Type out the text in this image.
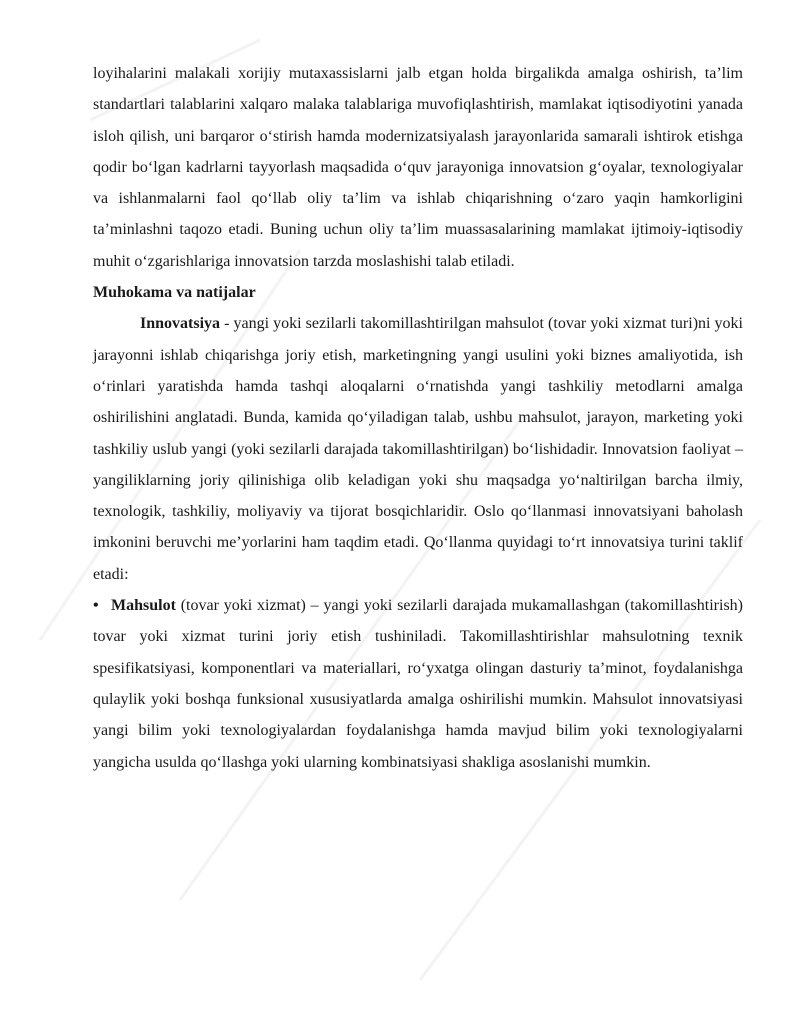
loyihalarini malakali xorijiy mutaxassislarni jalb etgan holda birgalikda amalga oshirish, ta’lim standartlari talablarini xalqaro malaka talablariga muvofiqlashtirish, mamlakat iqtisodiyotini yanada isloh qilish, uni barqaror o‘stirish hamda modernizatsiyalash jarayonlarida samarali ishtirok etishga qodir bo‘lgan kadrlarni tayyorlash maqsadida o‘quv jarayoniga innovatsion g‘oyalar, texnologiyalar va ishlanmalarni faol qo‘llab oliy ta’lim va ishlab chiqarishning o‘zaro yaqin hamkorligini ta’minlashni taqozo etadi. Buning uchun oliy ta’lim muassasalarining mamlakat ijtimoiy-iqtisodiy muhit o‘zgarishlariga innovatsion tarzda moslashishi talab etiladi.

Muhokama va natijalar

Innovatsiya - yangi yoki sezilarli takomillashtirilgan mahsulot (tovar yoki xizmat turi)ni yoki jarayonni ishlab chiqarishga joriy etish, marketingning yangi usulini yoki biznes amaliyotida, ish o‘rinlari yaratishda hamda tashqi aloqalarni o‘rnatishda yangi tashkiliy metodlarni amalga oshirilishini anglatadi. Bunda, kamida qo‘yiladigan talab, ushbu mahsulot, jarayon, marketing yoki tashkiliy uslub yangi (yoki sezilarli darajada takomillashtirilgan) bo‘lishidadir. Innovatsion faoliyat – yangiliklarning joriy qilinishiga olib keladigan yoki shu maqsadga yo‘naltirilgan barcha ilmiy, texnologik, tashkiliy, moliyaviy va tijorat bosqichlaridir. Oslo qo‘llanmasi innovatsiyani baholash imkonini beruvchi me’yorlarini ham taqdim etadi. Qo‘llanma quyidagi to‘rt innovatsiya turini taklif etadi:

• Mahsulot (tovar yoki xizmat) – yangi yoki sezilarli darajada mukamallashgan (takomillashtirish) tovar yoki xizmat turini joriy etish tushiniladi. Takomillashtirishlar mahsulotning texnik spesifikatsiyasi, komponentlari va materiallari, ro‘yxatga olingan dasturiy ta’minot, foydalanishga qulaylik yoki boshqa funksional xususiyatlarda amalga oshirilishi mumkin. Mahsulot innovatsiyasi yangi bilim yoki texnologiyalardan foydalanishga hamda mavjud bilim yoki texnologiyalarni yangicha usulda qo‘llashga yoki ularning kombinatsiyasi shakliga asoslanishi mumkin.
